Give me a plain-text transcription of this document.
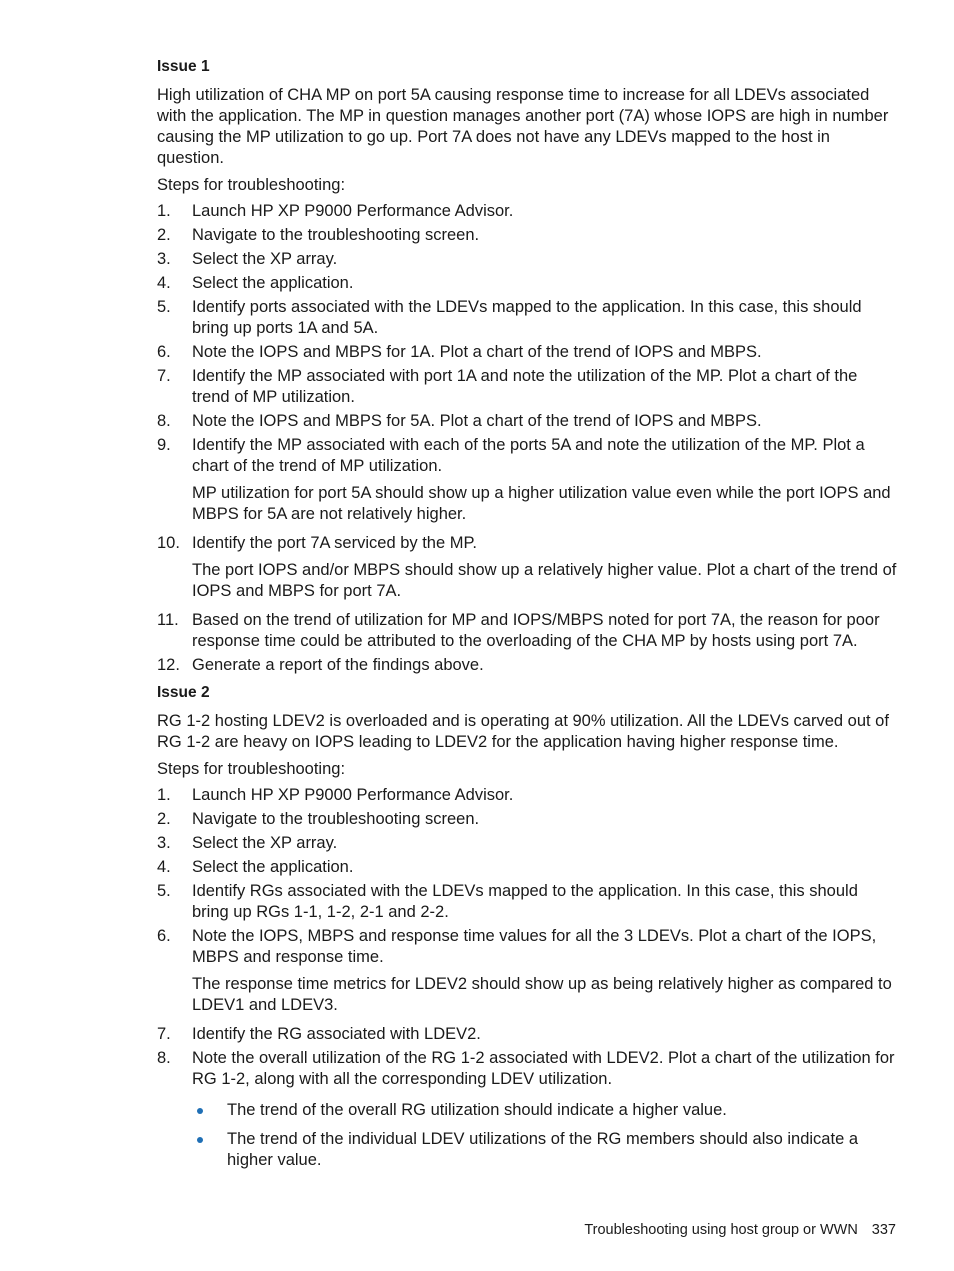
Issue 1

High utilization of CHA MP on port 5A causing response time to increase for all LDEVs associated with the application. The MP in question manages another port (7A) whose IOPS are high in number causing the MP utilization to go up. Port 7A does not have any LDEVs mapped to the host in question.

Steps for troubleshooting:

1. Launch HP XP P9000 Performance Advisor.
2. Navigate to the troubleshooting screen.
3. Select the XP array.
4. Select the application.
5. Identify ports associated with the LDEVs mapped to the application. In this case, this should bring up ports 1A and 5A.
6. Note the IOPS and MBPS for 1A. Plot a chart of the trend of IOPS and MBPS.
7. Identify the MP associated with port 1A and note the utilization of the MP. Plot a chart of the trend of MP utilization.
8. Note the IOPS and MBPS for 5A. Plot a chart of the trend of IOPS and MBPS.
9. Identify the MP associated with each of the ports 5A and note the utilization of the MP. Plot a chart of the trend of MP utilization.
MP utilization for port 5A should show up a higher utilization value even while the port IOPS and MBPS for 5A are not relatively higher.
10. Identify the port 7A serviced by the MP.
The port IOPS and/or MBPS should show up a relatively higher value. Plot a chart of the trend of IOPS and MBPS for port 7A.
11. Based on the trend of utilization for MP and IOPS/MBPS noted for port 7A, the reason for poor response time could be attributed to the overloading of the CHA MP by hosts using port 7A.
12. Generate a report of the findings above.
Issue 2

RG 1-2 hosting LDEV2 is overloaded and is operating at 90% utilization. All the LDEVs carved out of RG 1-2 are heavy on IOPS leading to LDEV2 for the application having higher response time.

Steps for troubleshooting:

1. Launch HP XP P9000 Performance Advisor.
2. Navigate to the troubleshooting screen.
3. Select the XP array.
4. Select the application.
5. Identify RGs associated with the LDEVs mapped to the application. In this case, this should bring up RGs 1-1, 1-2, 2-1 and 2-2.
6. Note the IOPS, MBPS and response time values for all the 3 LDEVs. Plot a chart of the IOPS, MBPS and response time.
The response time metrics for LDEV2 should show up as being relatively higher as compared to LDEV1 and LDEV3.
7. Identify the RG associated with LDEV2.
8. Note the overall utilization of the RG 1-2 associated with LDEV2. Plot a chart of the utilization for RG 1-2, along with all the corresponding LDEV utilization.
The trend of the overall RG utilization should indicate a higher value.
The trend of the individual LDEV utilizations of the RG members should also indicate a higher value.
Troubleshooting using host group or WWN 337
